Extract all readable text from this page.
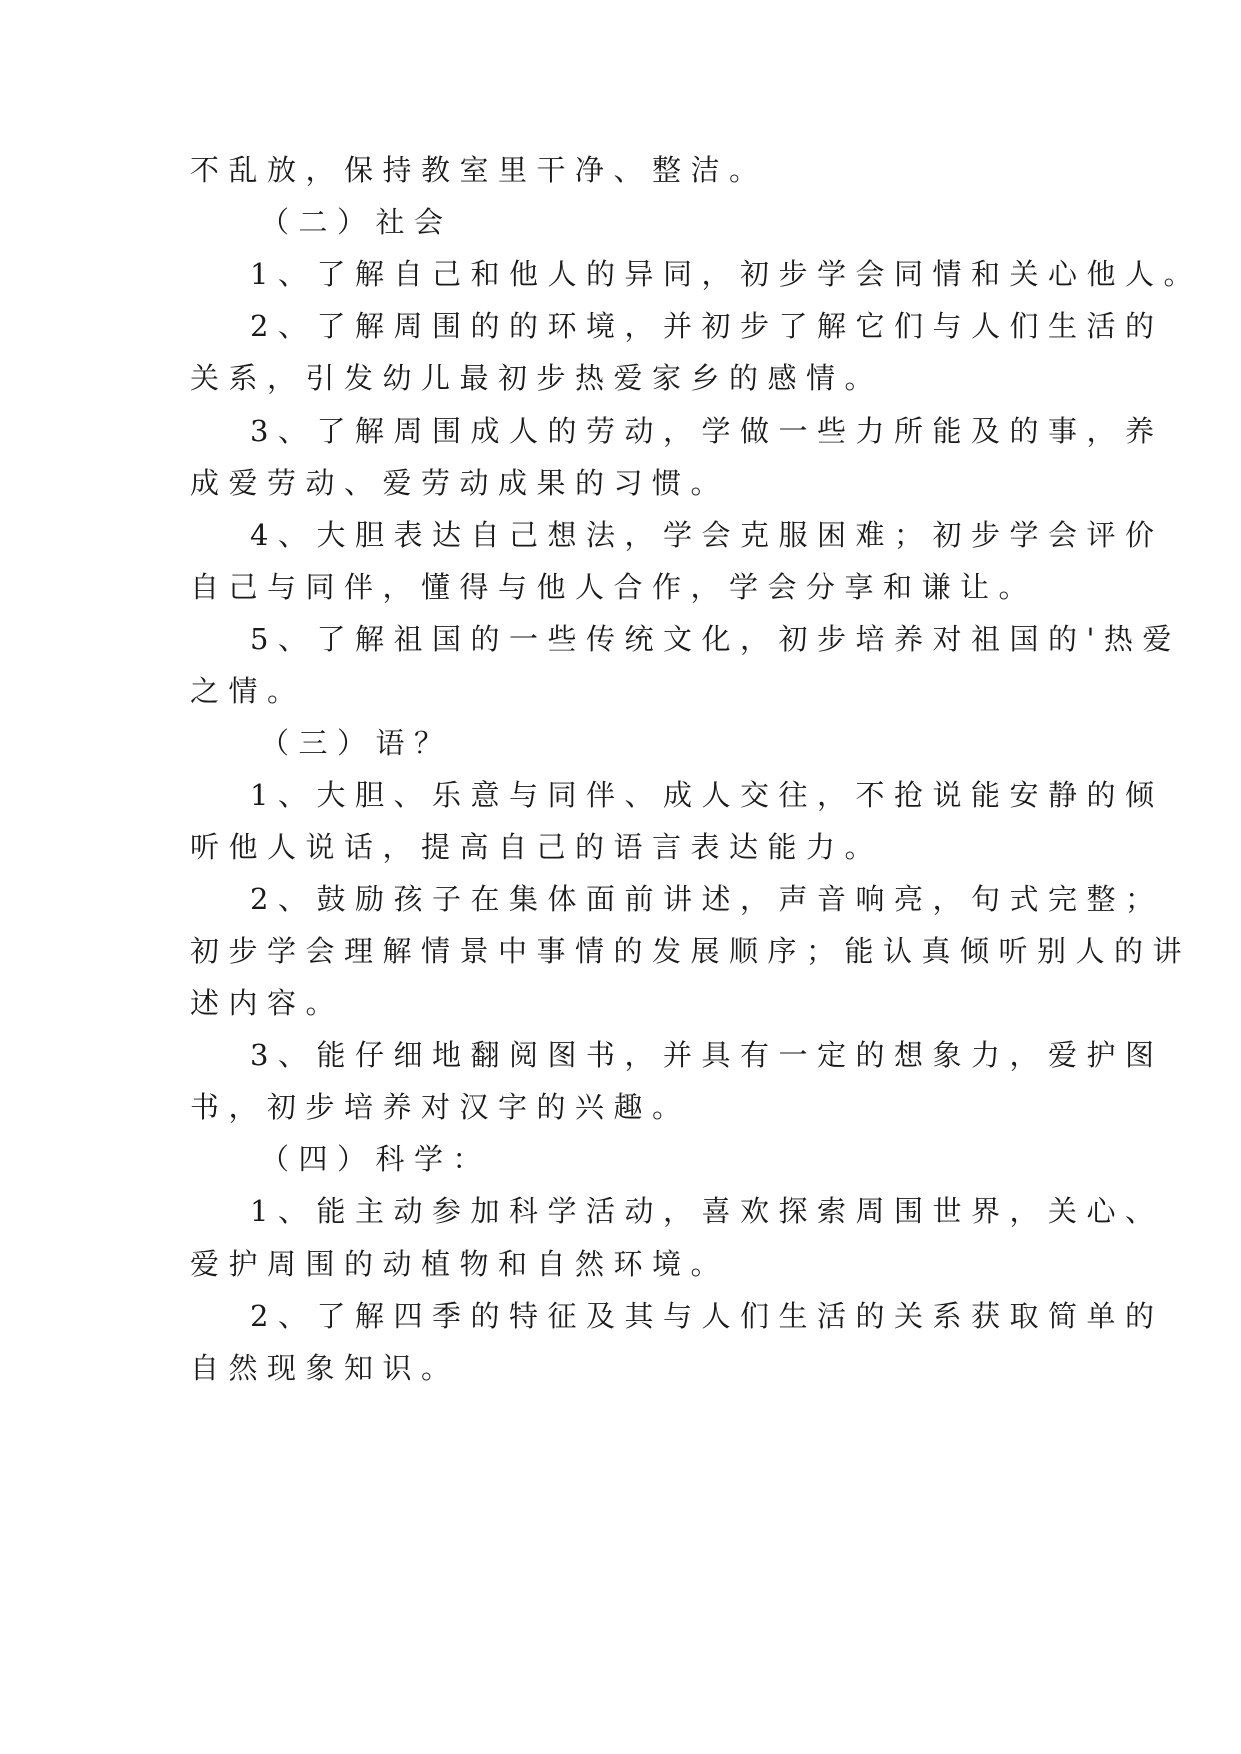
不乱放，保持教室里干净、整洁。
（二）社会
1、了解自己和他人的异同，初步学会同情和关心他人。
2、了解周围的的环境，并初步了解它们与人们生活的
关系，引发幼儿最初步热爱家乡的感情。
3、了解周围成人的劳动，学做一些力所能及的事，养
成爱劳动、爱劳动成果的习惯。
4、大胆表达自己想法，学会克服困难；初步学会评价
自己与同伴，懂得与他人合作，学会分享和谦让。
5、了解祖国的一些传统文化，初步培养对祖国的'热爱
之情。
（三）语？
1、大胆、乐意与同伴、成人交往，不抢说能安静的倾
听他人说话，提高自己的语言表达能力。
2、鼓励孩子在集体面前讲述，声音响亮，句式完整；
初步学会理解情景中事情的发展顺序；能认真倾听别人的讲
述内容。
3、能仔细地翻阅图书，并具有一定的想象力，爱护图
书，初步培养对汉字的兴趣。
（四）科学：
1、能主动参加科学活动，喜欢探索周围世界，关心、
爱护周围的动植物和自然环境。
2、了解四季的特征及其与人们生活的关系获取简单的
自然现象知识。
